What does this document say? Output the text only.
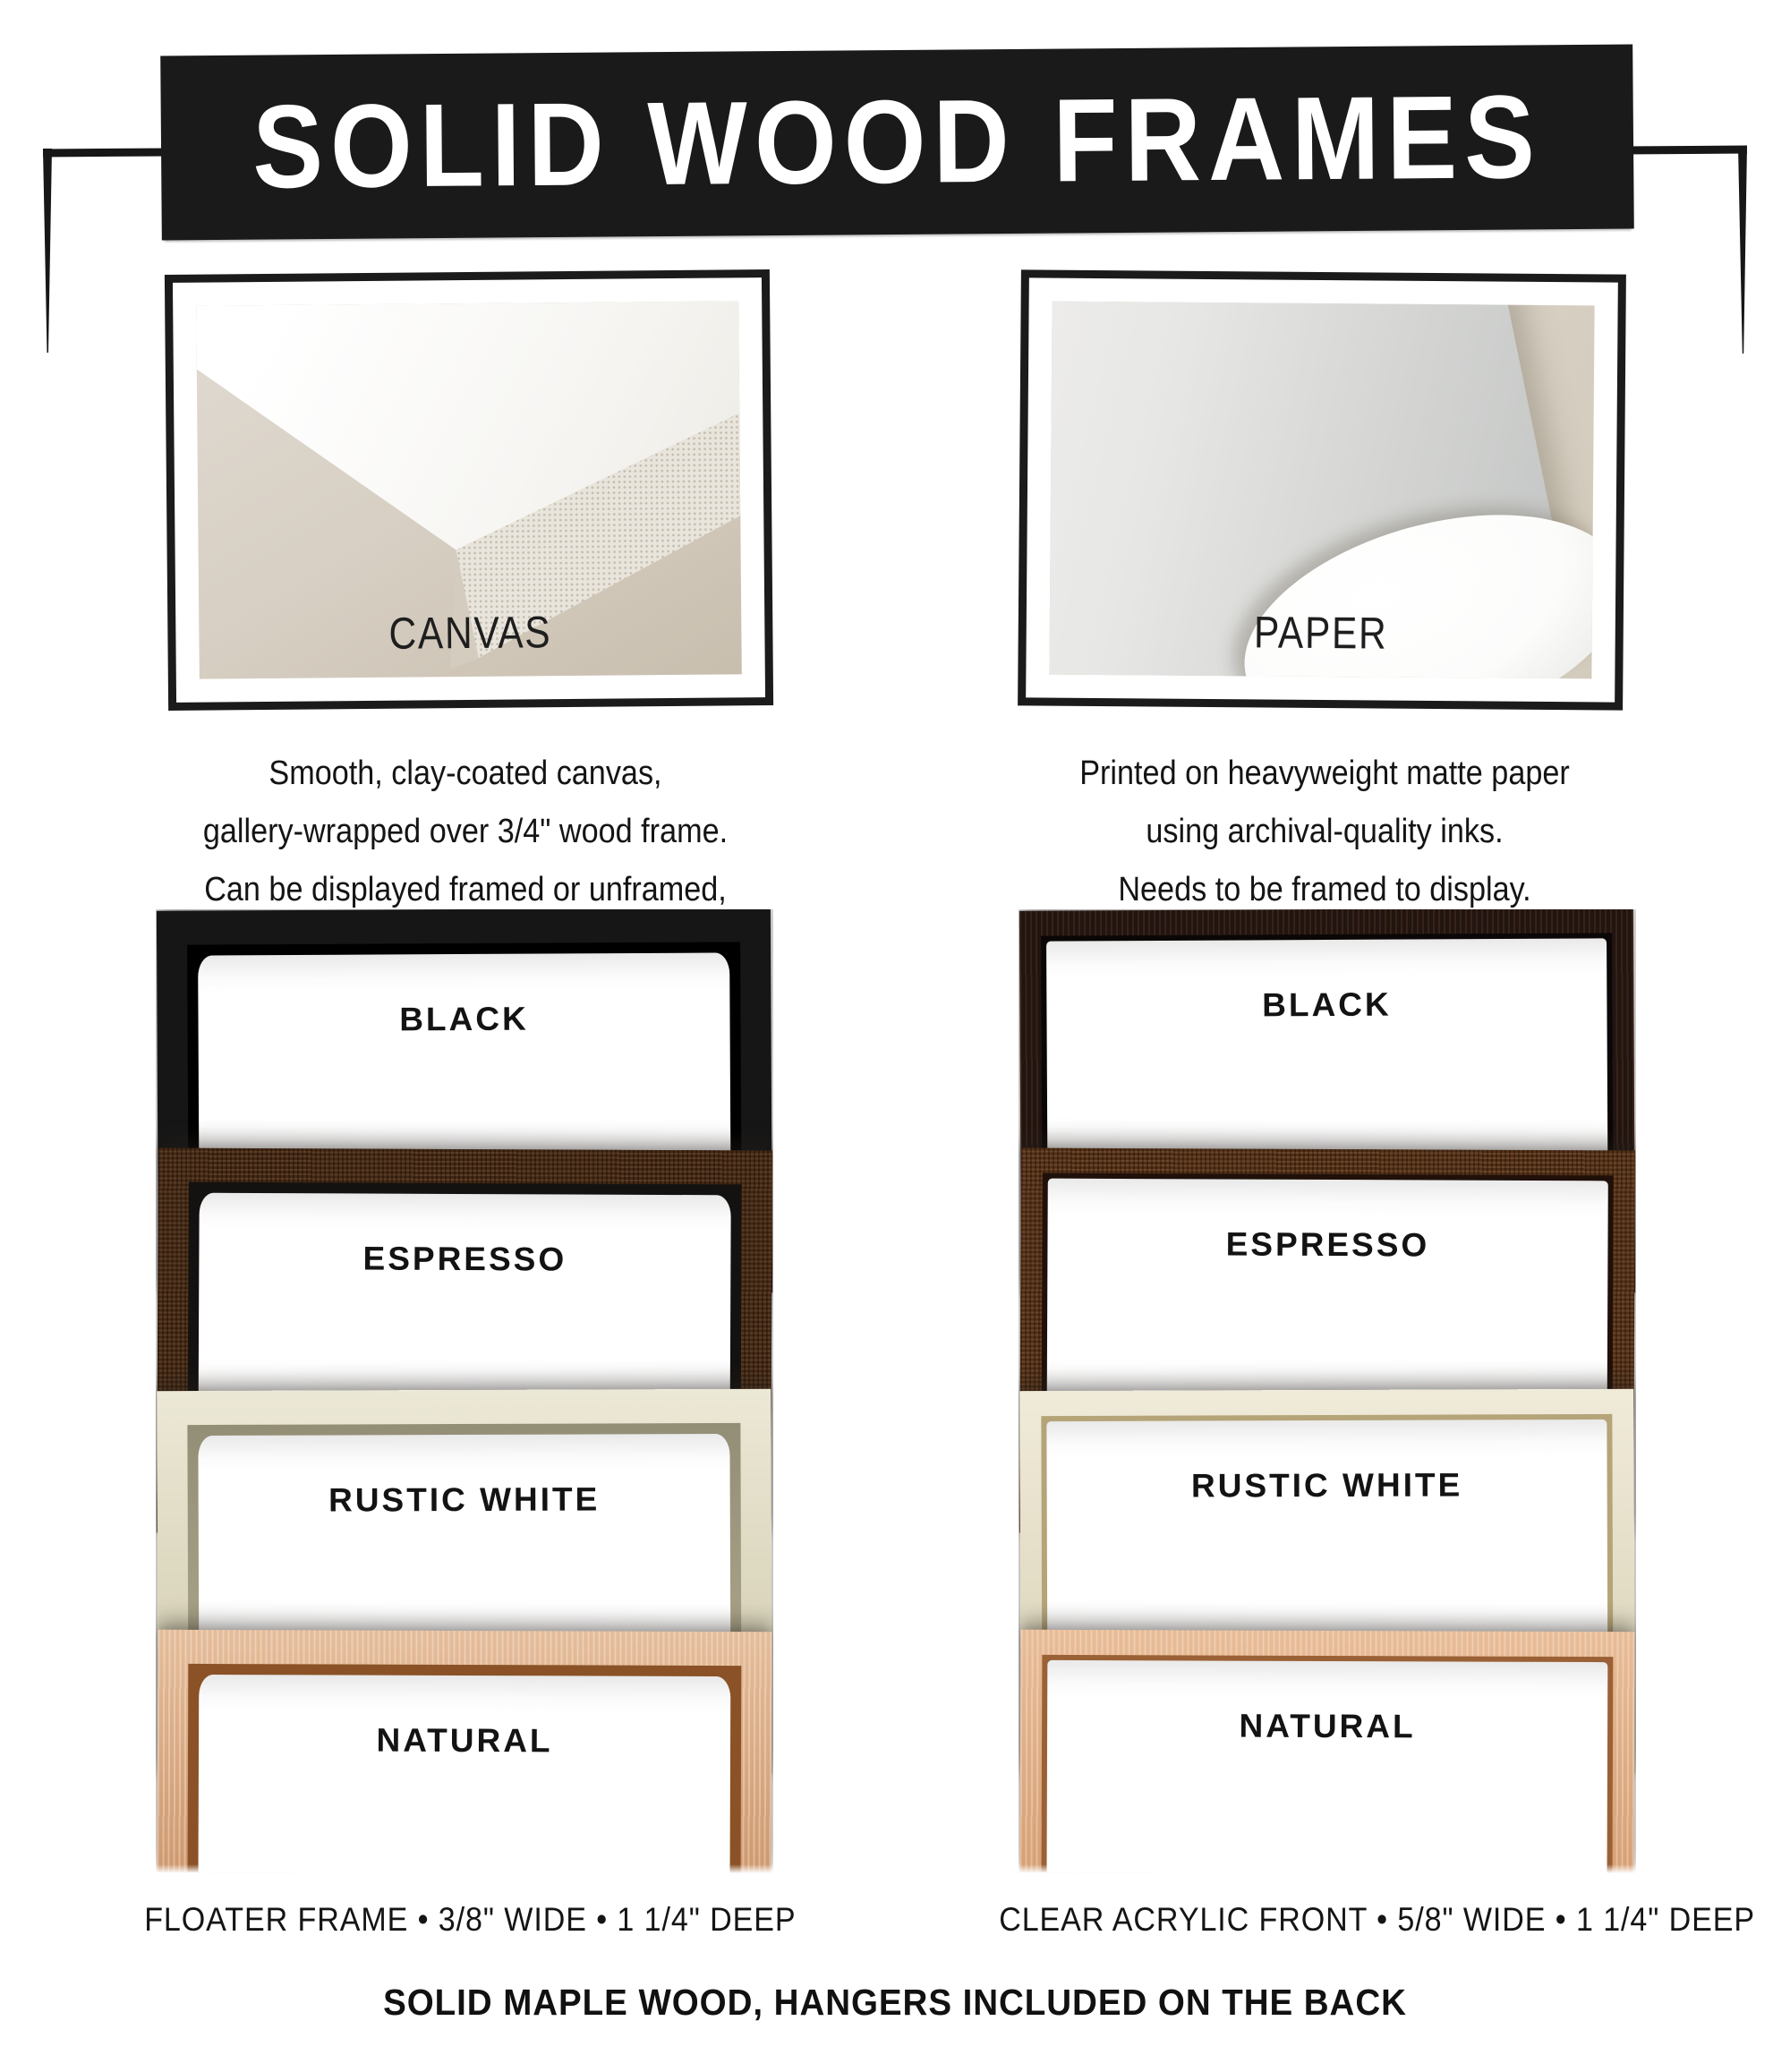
SOLID WOOD FRAMES
CANVAS	PAPER
Smooth, clay-coated canvas,
gallery-wrapped over 3/4" wood frame.
Can be displayed framed or unframed,
Printed on heavyweight matte paper
using archival-quality inks.
Needs to be framed to display.
BLACK
ESPRESSO
RUSTIC WHITE
NATURAL
BLACK
ESPRESSO
RUSTIC WHITE
NATURAL
FLOATER FRAME • 3/8" WIDE • 1 1/4" DEEP	CLEAR ACRYLIC FRONT • 5/8" WIDE • 1 1/4" DEEP
SOLID MAPLE WOOD, HANGERS INCLUDED ON THE BACK
